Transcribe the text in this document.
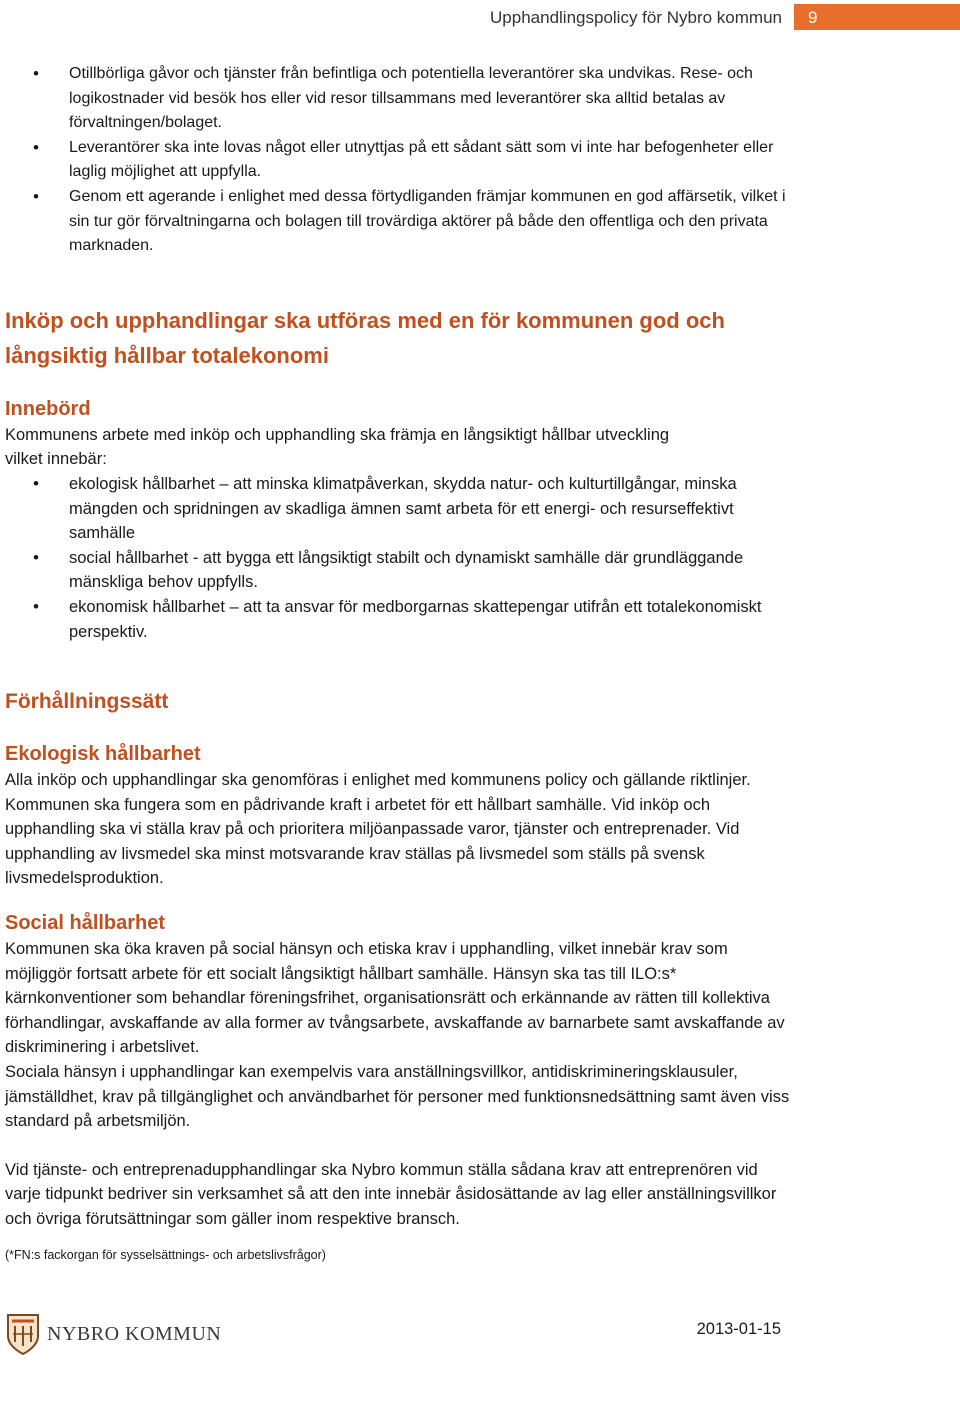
Upphandlingspolicy för Nybro kommun	9
• Otillbörliga gåvor och tjänster från befintliga och potentiella leverantörer ska undvikas. Rese- och logikostnader vid besök hos eller vid resor tillsammans med leverantörer ska alltid betalas av förvaltningen/bolaget.
• Leverantörer ska inte lovas något eller utnyttjas på ett sådant sätt som vi inte har befogenheter eller laglig möjlighet att uppfylla.
• Genom ett agerande i enlighet med dessa förtydliganden främjar kommunen en god affärsetik, vilket i sin tur gör förvaltningarna och bolagen till trovärdiga aktörer på både den offentliga och den privata marknaden.
Inköp och upphandlingar ska utföras med en för kommunen god och långsiktig hållbar totalekonomi
Innebörd

Kommunens arbete med inköp och upphandling ska främja en långsiktigt hållbar utveckling vilket innebär:

• ekologisk hållbarhet – att minska klimatpåverkan, skydda natur- och kulturtillgångar, minska mängden och spridningen av skadliga ämnen samt arbeta för ett energi- och resurseffektivt samhälle
• social hållbarhet - att bygga ett långsiktigt stabilt och dynamiskt samhälle där grundläggande mänskliga behov uppfylls.
• ekonomisk hållbarhet – att ta ansvar för medborgarnas skattepengar utifrån ett totalekonomiskt perspektiv.
Förhållningssätt
Ekologisk hållbarhet

Alla inköp och upphandlingar ska genomföras i enlighet med kommunens policy och gällande riktlinjer. Kommunen ska fungera som en pådrivande kraft i arbetet för ett hållbart samhälle. Vid inköp och upphandling ska vi ställa krav på och prioritera miljöanpassade varor, tjänster och entreprenader. Vid upphandling av livsmedel ska minst motsvarande krav ställas på livsmedel som ställs på svensk livsmedelsproduktion.

Social hållbarhet

Kommunen ska öka kraven på social hänsyn och etiska krav i upphandling, vilket innebär krav som möjliggör fortsatt arbete för ett socialt långsiktigt hållbart samhälle. Hänsyn ska tas till ILO:s* kärnkonventioner som behandlar föreningsfrihet, organisationsrätt och erkännande av rätten till kollektiva förhandlingar, avskaffande av alla former av tvångsarbete, avskaffande av barnarbete samt avskaffande av diskriminering i arbetslivet.

Sociala hänsyn i upphandlingar kan exempelvis vara anställningsvillkor, antidiskrimineringsklausuler, jämställdhet, krav på tillgänglighet och användbarhet för personer med funktionsnedsättning samt även viss standard på arbetsmiljön.

Vid tjänste- och entreprenadupphandlingar ska Nybro kommun ställa sådana krav att entreprenören vid varje tidpunkt bedriver sin verksamhet så att den inte innebär åsidosättande av lag eller anställningsvillkor och övriga förutsättningar som gäller inom respektive bransch.

(*FN:s fackorgan för sysselsättnings- och arbetslivsfrågor)

NYBRO KOMMUN	2013-01-15
